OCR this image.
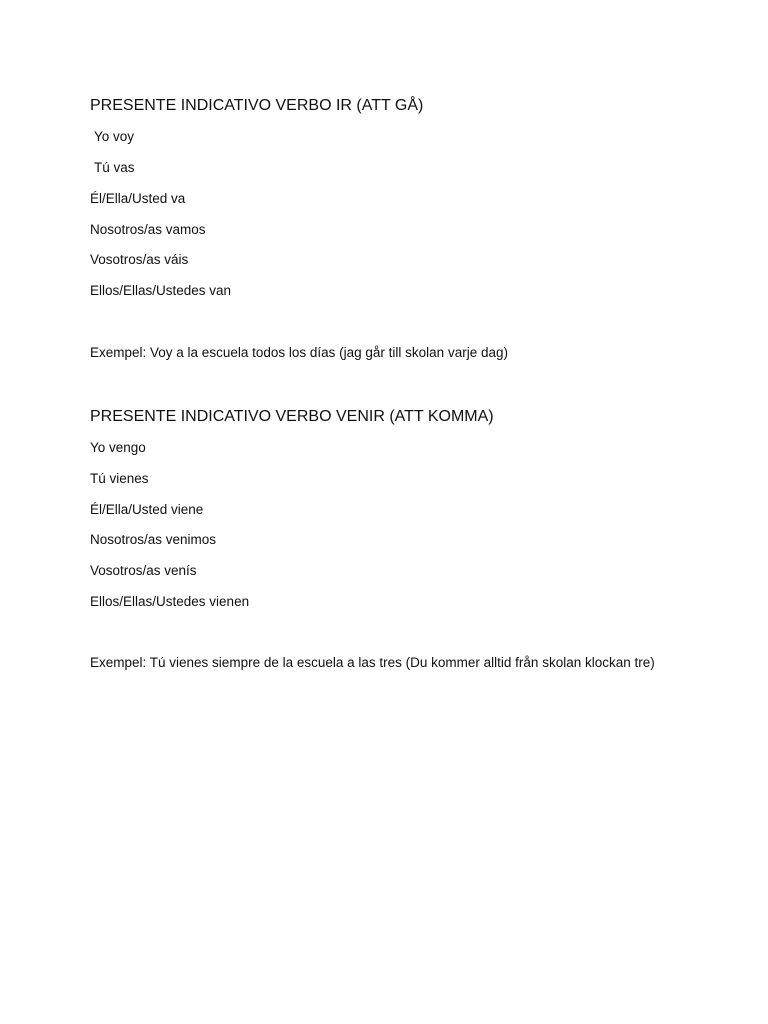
PRESENTE INDICATIVO VERBO IR (ATT GÅ)
Yo voy
Tú vas
Él/Ella/Usted va
Nosotros/as vamos
Vosotros/as váis
Ellos/Ellas/Ustedes van
Exempel: Voy a la escuela todos los días (jag går till skolan varje dag)
PRESENTE INDICATIVO VERBO VENIR (ATT KOMMA)
Yo vengo
Tú vienes
Él/Ella/Usted viene
Nosotros/as venimos
Vosotros/as venís
Ellos/Ellas/Ustedes vienen
Exempel: Tú vienes siempre de la escuela a las tres (Du kommer alltid från skolan klockan tre)
